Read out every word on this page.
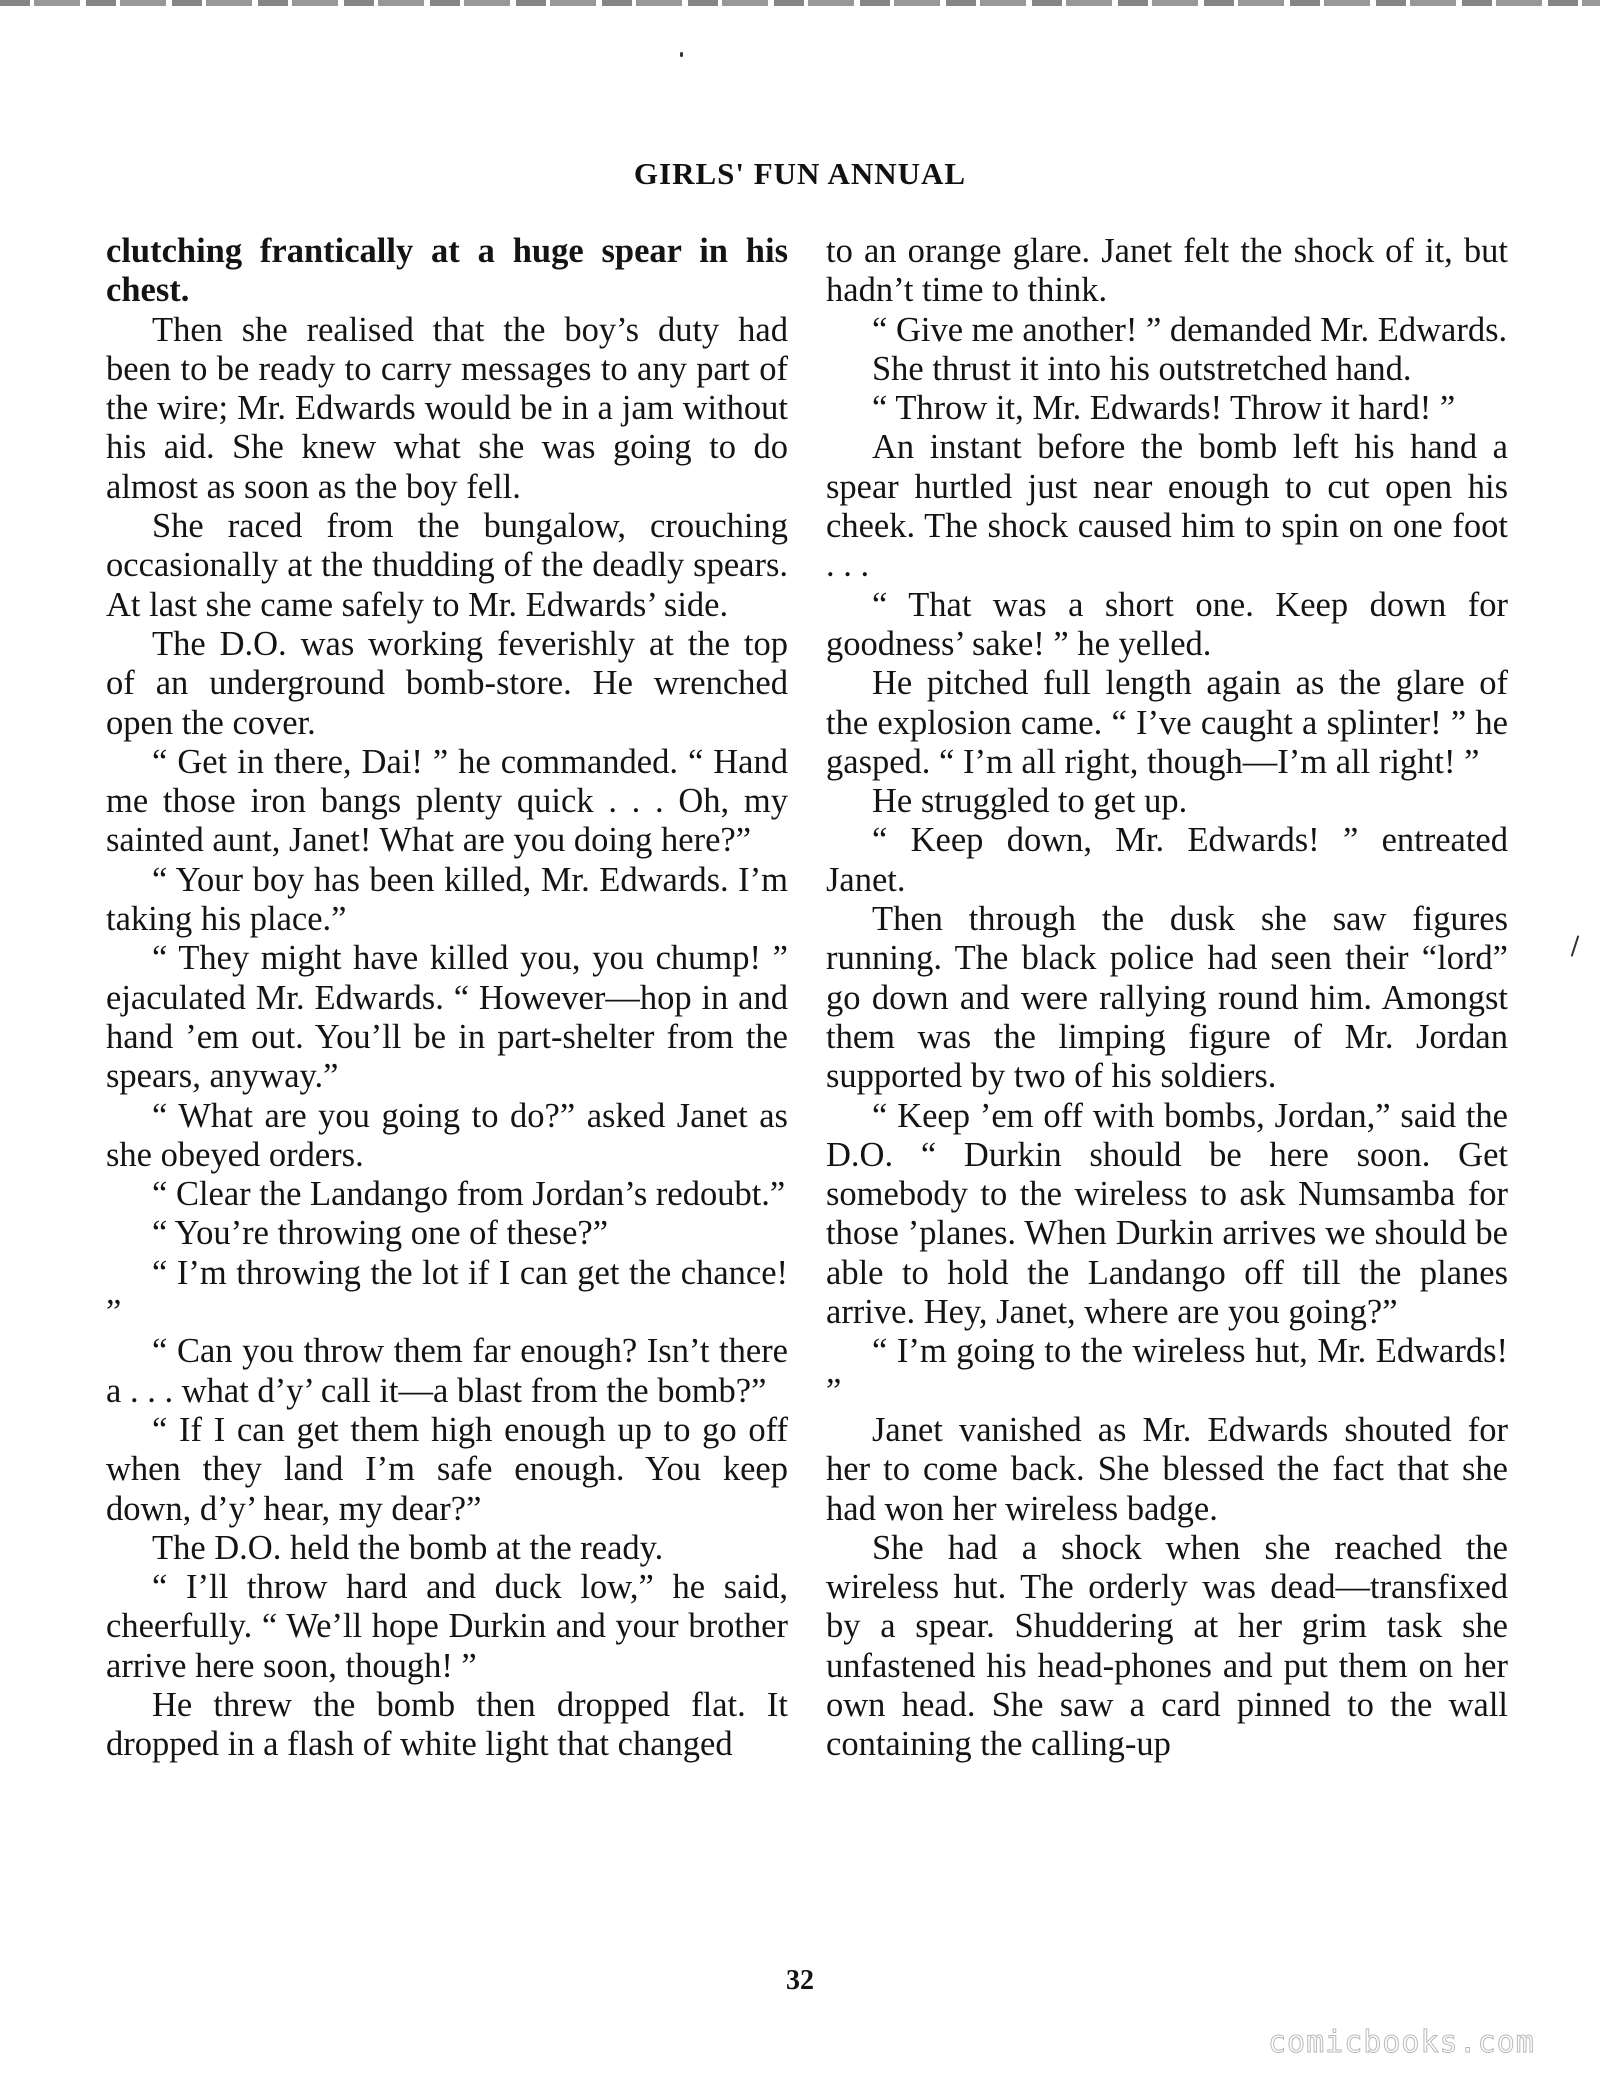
GIRLS' FUN ANNUAL

clutching frantically at a huge spear in his chest.

Then she realised that the boy’s duty had been to be ready to carry messages to any part of the wire; Mr. Edwards would be in a jam without his aid. She knew what she was going to do almost as soon as the boy fell.

She raced from the bungalow, crouching occasionally at the thudding of the deadly spears. At last she came safely to Mr. Edwards’ side.

The D.O. was working feverishly at the top of an underground bomb-store. He wrenched open the cover.

“ Get in there, Dai! ” he commanded. “ Hand me those iron bangs plenty quick . . . Oh, my sainted aunt, Janet! What are you doing here?”

“ Your boy has been killed, Mr. Edwards. I’m taking his place.”

“ They might have killed you, you chump! ” ejaculated Mr. Edwards. “ However—hop in and hand ’em out. You’ll be in part-shelter from the spears, anyway.”

“ What are you going to do?” asked Janet as she obeyed orders.

“ Clear the Landango from Jordan’s redoubt.”

“ You’re throwing one of these?”

“ I’m throwing the lot if I can get the chance! ”

“ Can you throw them far enough? Isn’t there a . . . what d’y’ call it—a blast from the bomb?”

“ If I can get them high enough up to go off when they land I’m safe enough. You keep down, d’y’ hear, my dear?”

The D.O. held the bomb at the ready.

“ I’ll throw hard and duck low,” he said, cheerfully. “ We’ll hope Durkin and your brother arrive here soon, though! ”

He threw the bomb then dropped flat. It dropped in a flash of white light that changed

to an orange glare. Janet felt the shock of it, but hadn’t time to think.

“ Give me another! ” demanded Mr. Edwards.

She thrust it into his outstretched hand.

“ Throw it, Mr. Edwards! Throw it hard! ”

An instant before the bomb left his hand a spear hurtled just near enough to cut open his cheek. The shock caused him to spin on one foot . . .

“ That was a short one. Keep down for goodness’ sake! ” he yelled.

He pitched full length again as the glare of the explosion came. “ I’ve caught a splinter! ” he gasped. “ I’m all right, though—I’m all right! ”

He struggled to get up.

“ Keep down, Mr. Edwards! ” entreated Janet.

Then through the dusk she saw figures running. The black police had seen their “lord” go down and were rallying round him. Amongst them was the limping figure of Mr. Jordan supported by two of his soldiers.

“ Keep ’em off with bombs, Jordan,” said the D.O. “ Durkin should be here soon. Get somebody to the wireless to ask Numsamba for those ’planes. When Durkin arrives we should be able to hold the Landango off till the planes arrive. Hey, Janet, where are you going?”

“ I’m going to the wireless hut, Mr. Edwards! ”

Janet vanished as Mr. Edwards shouted for her to come back. She blessed the fact that she had won her wireless badge.

She had a shock when she reached the wireless hut. The orderly was dead—transfixed by a spear. Shuddering at her grim task she unfastened his head-phones and put them on her own head. She saw a card pinned to the wall containing the calling-up

32
comicbooks.com
